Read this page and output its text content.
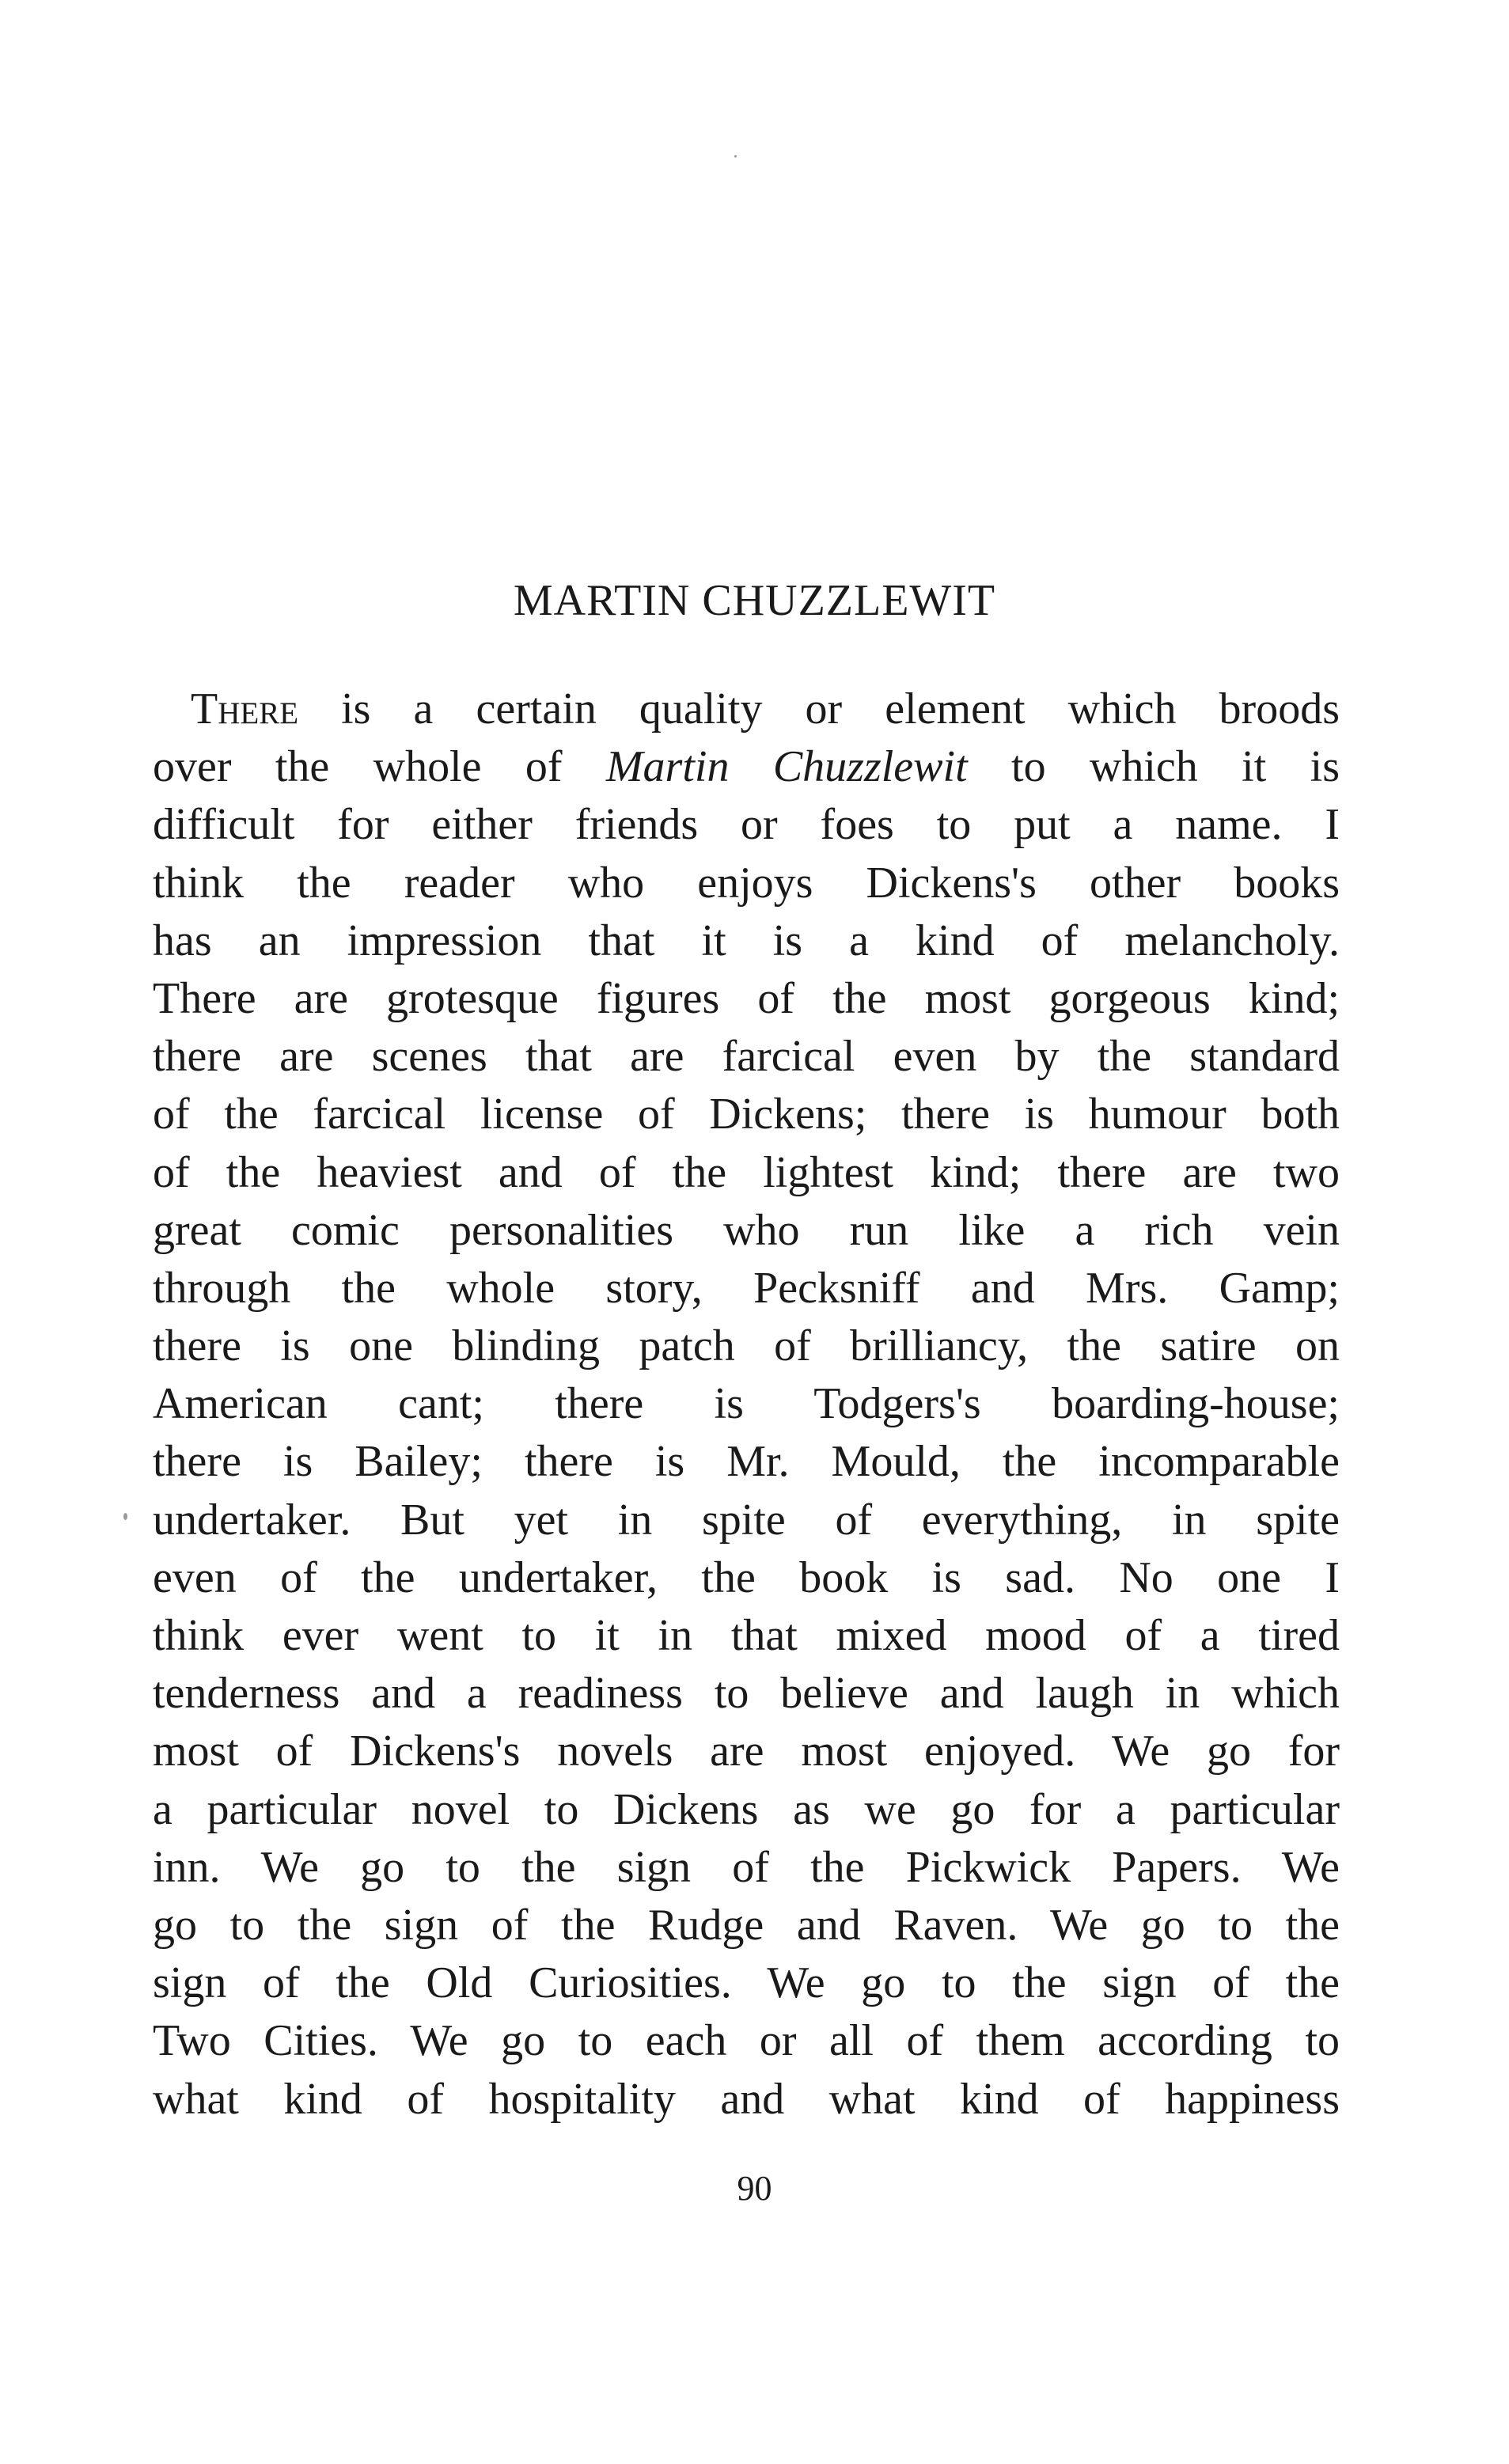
MARTIN CHUZZLEWIT
There is a certain quality or element which broods
over the whole of Martin Chuzzlewit to which it is
difficult for either friends or foes to put a name. I
think the reader who enjoys Dickens's other books
has an impression that it is a kind of melancholy.
There are grotesque figures of the most gorgeous kind;
there are scenes that are farcical even by the standard
of the farcical license of Dickens; there is humour both
of the heaviest and of the lightest kind; there are two
great comic personalities who run like a rich vein
through the whole story, Pecksniff and Mrs. Gamp;
there is one blinding patch of brilliancy, the satire on
American cant; there is Todgers's boarding-house;
there is Bailey; there is Mr. Mould, the incomparable
undertaker. But yet in spite of everything, in spite
even of the undertaker, the book is sad. No one I
think ever went to it in that mixed mood of a tired
tenderness and a readiness to believe and laugh in which
most of Dickens's novels are most enjoyed. We go for
a particular novel to Dickens as we go for a particular
inn. We go to the sign of the Pickwick Papers. We
go to the sign of the Rudge and Raven. We go to the
sign of the Old Curiosities. We go to the sign of the
Two Cities. We go to each or all of them according to
what kind of hospitality and what kind of happiness
90
